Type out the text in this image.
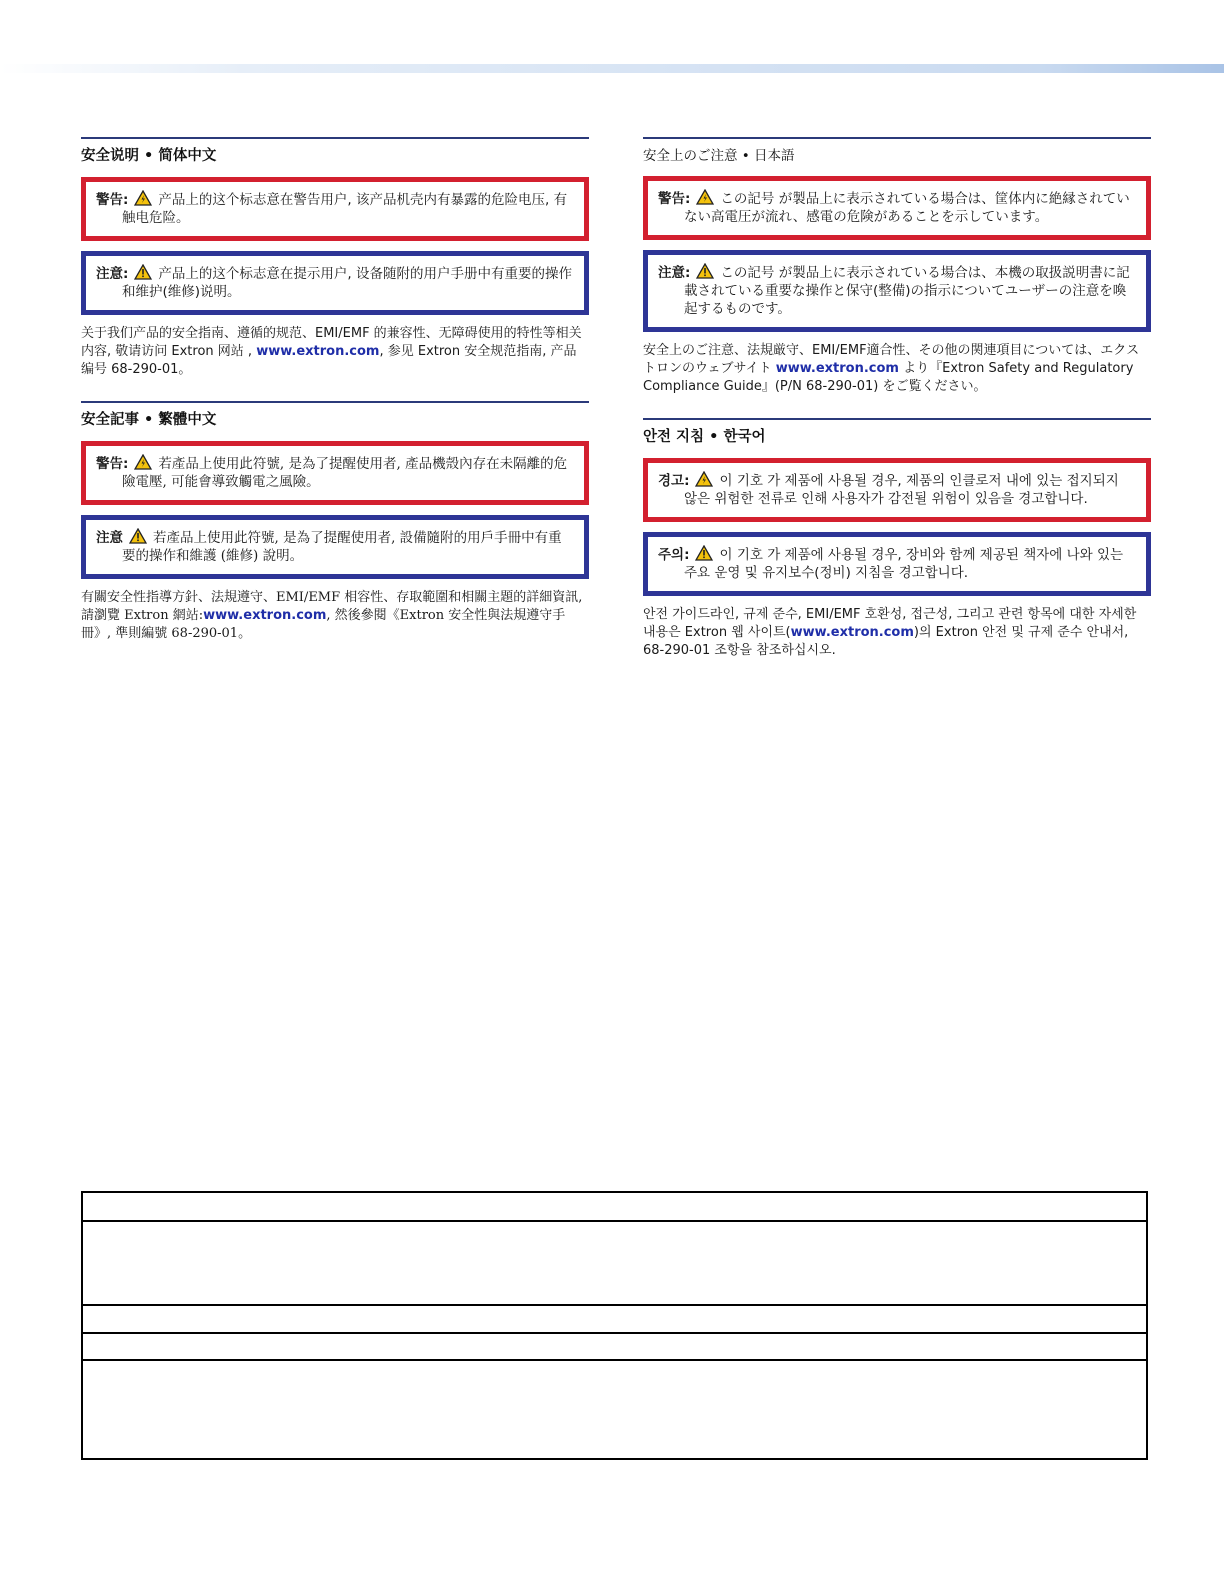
安全说明 • 简体中文
警告: 产品上的这个标志意在警告用户, 该产品机壳内有暴露的危险电压, 有触电危险。
注意: 产品上的这个标志意在提示用户, 设备随附的用户手册中有重要的操作和维护(维修)说明。
关于我们产品的安全指南、遵循的规范、EMI/EMF 的兼容性、无障碍使用的特性等相关内容, 敬请访问 Extron 网站 , www.extron.com, 参见 Extron 安全规范指南, 产品编号 68-290-01。
安全記事 • 繁體中文
警告: 若產品上使用此符號, 是為了提醒使用者, 產品機殼內存在未隔離的危險電壓, 可能會導致觸電之風險。
注意 若產品上使用此符號, 是為了提醒使用者, 設備隨附的用戶手冊中有重要的操作和維護 (維修) 說明。
有關安全性指導方針、法規遵守、EMI/EMF 相容性、存取範圍和相關主題的詳細資訊, 請瀏覽 Extron 網站:www.extron.com, 然後參閱《Extron 安全性與法規遵守手冊》, 準則編號 68-290-01。
安全上のご注意 • 日本語
警告: この記号 が製品上に表示されている場合は、筐体内に絶縁されていない高電圧が流れ、感電の危険があることを示しています。
注意: この記号 が製品上に表示されている場合は、本機の取扱説明書に記載されている重要な操作と保守(整備)の指示についてユーザーの注意を喚起するものです。
安全上のご注意、法規厳守、EMI/EMF適合性、その他の関連項目については、エクストロンのウェブサイト www.extron.com より『Extron Safety and Regulatory Compliance Guide』(P/N 68-290-01) をご覧ください。
안전 지침 • 한국어
경고: 이 기호 가 제품에 사용될 경우, 제품의 인클로저 내에 있는 접지되지 않은 위험한 전류로 인해 사용자가 감전될 위험이 있음을 경고합니다.
주의: 이 기호 가 제품에 사용될 경우, 장비와 함께 제공된 책자에 나와 있는 주요 운영 및 유지보수(정비) 지침을 경고합니다.
안전 가이드라인, 규제 준수, EMI/EMF 호환성, 접근성, 그리고 관련 항목에 대한 자세한 내용은 Extron 웹 사이트(www.extron.com)의 Extron 안전 및 규제 준수 안내서, 68-290-01 조항을 참조하십시오.
